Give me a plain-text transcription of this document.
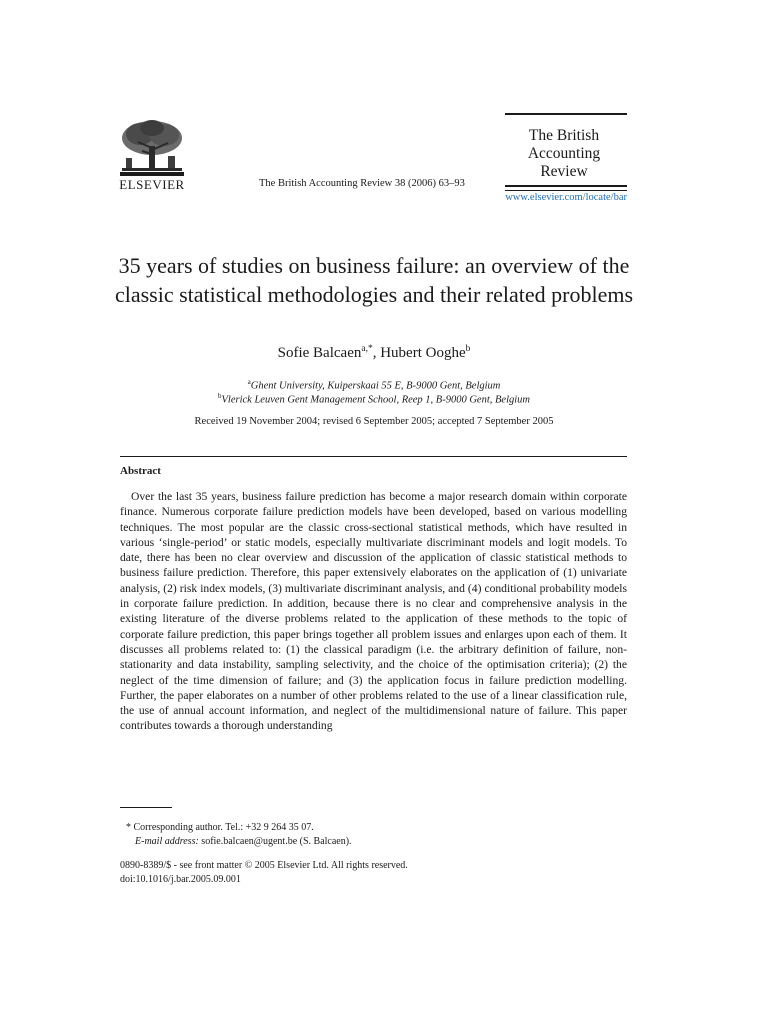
ELSEVIER	The British Accounting Review 38 (2006) 63–93
The British
Accounting
Review
www.elsevier.com/locate/bar
35 years of studies on business failure: an overview of the classic statistical methodologies and their related problems
Sofie Balcaen$^{a,*}$, Hubert Ooghe$^b$
$^a$Ghent University, Kuiperskaai 55 E, B-9000 Gent, Belgium
$^b$Vlerick Leuven Gent Management School, Reep 1, B-9000 Gent, Belgium
Received 19 November 2004; revised 6 September 2005; accepted 7 September 2005
Abstract

Over the last 35 years, business failure prediction has become a major research domain within corporate finance. Numerous corporate failure prediction models have been developed, based on various modelling techniques. The most popular are the classic cross-sectional statistical methods, which have resulted in various ‘single-period’ or static models, especially multivariate discriminant models and logit models. To date, there has been no clear overview and discussion of the application of classic statistical methods to business failure prediction. Therefore, this paper extensively elaborates on the application of (1) univariate analysis, (2) risk index models, (3) multivariate discriminant analysis, and (4) conditional probability models in corporate failure prediction. In addition, because there is no clear and comprehensive analysis in the existing literature of the diverse problems related to the application of these methods to the topic of corporate failure prediction, this paper brings together all problem issues and enlarges upon each of them. It discusses all problems related to: (1) the classical paradigm (i.e. the arbitrary definition of failure, non-stationarity and data instability, sampling selectivity, and the choice of the optimisation criteria); (2) the neglect of the time dimension of failure; and (3) the application focus in failure prediction modelling. Further, the paper elaborates on a number of other problems related to the use of a linear classification rule, the use of annual account information, and neglect of the multidimensional nature of failure. This paper contributes towards a thorough understanding

* Corresponding author. Tel.: +32 9 264 35 07.
E-mail address: sofie.balcaen@ugent.be (S. Balcaen).
0890-8389/$ - see front matter © 2005 Elsevier Ltd. All rights reserved.
doi:10.1016/j.bar.2005.09.001
